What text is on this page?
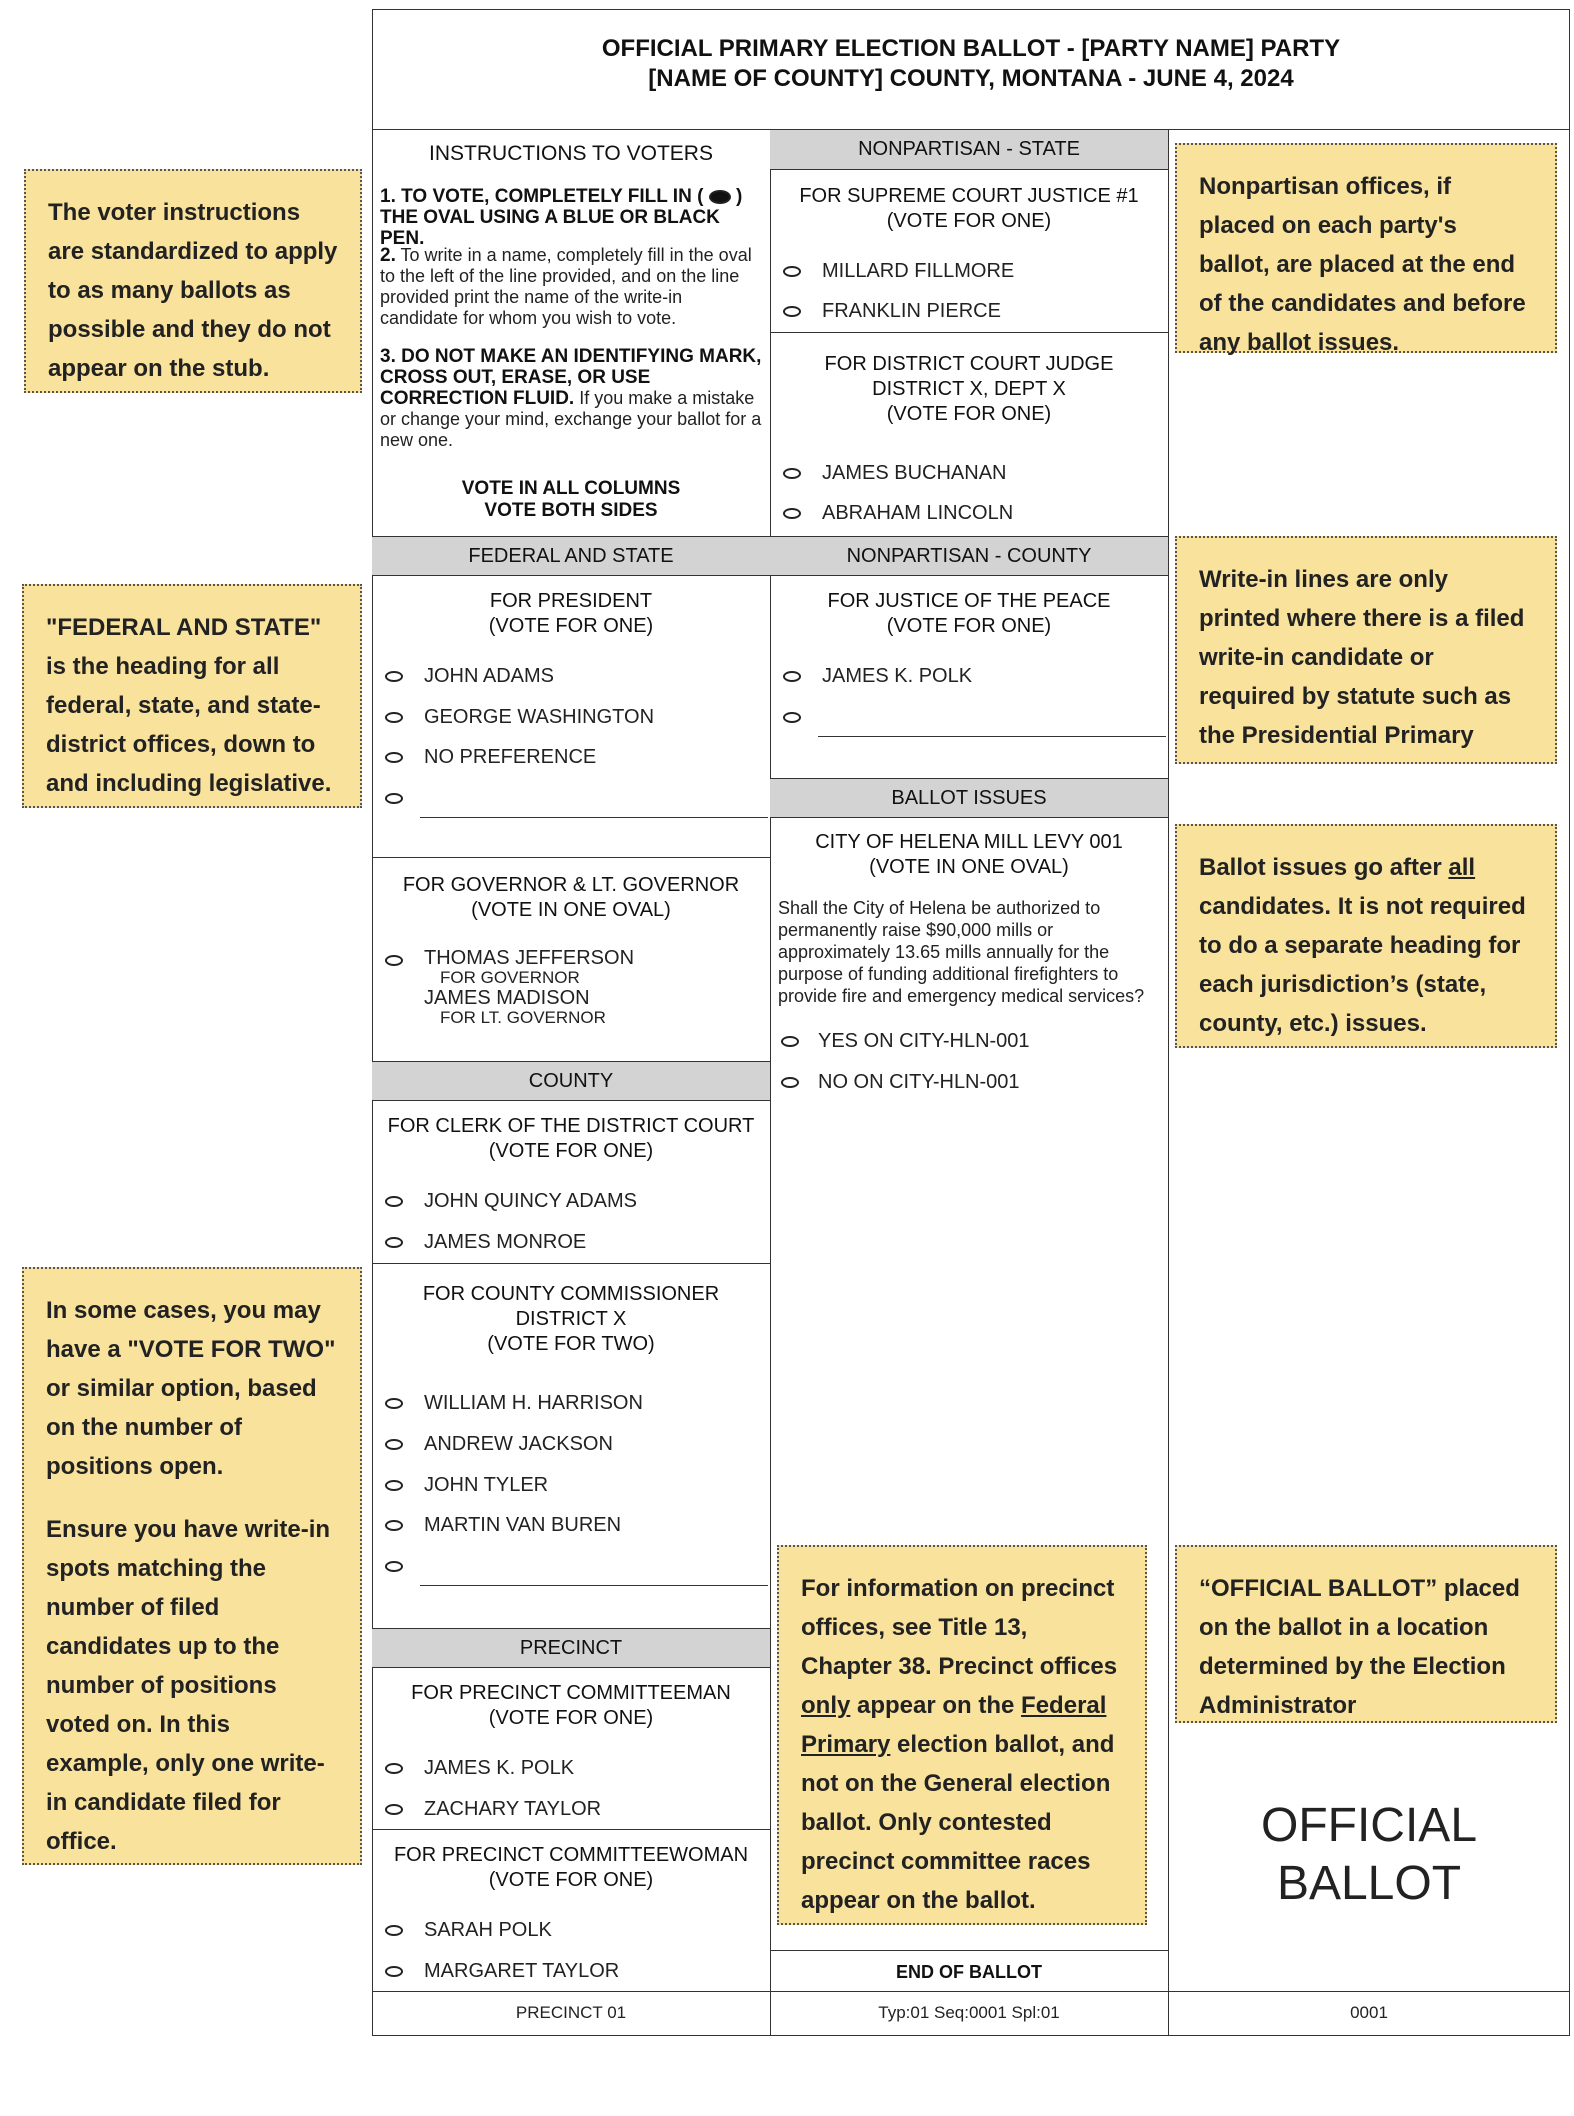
OFFICIAL PRIMARY ELECTION BALLOT - [PARTY NAME] PARTY
[NAME OF COUNTY] COUNTY, MONTANA - JUNE 4, 2024
INSTRUCTIONS TO VOTERS
1. TO VOTE, COMPLETELY FILL IN ( )
THE OVAL USING A BLUE OR BLACK PEN.
2. To write in a name, completely fill in the oval to the left of the line provided, and on the line provided print the name of the write-in candidate for whom you wish to vote.
3. DO NOT MAKE AN IDENTIFYING MARK, CROSS OUT, ERASE, OR USE CORRECTION FLUID. If you make a mistake or change your mind, exchange your ballot for a new one.
VOTE IN ALL COLUMNS
VOTE BOTH SIDES
FEDERAL AND STATE
FOR PRESIDENT
(VOTE FOR ONE)
JOHN ADAMS
GEORGE WASHINGTON
NO PREFERENCE
FOR GOVERNOR & LT. GOVERNOR
(VOTE IN ONE OVAL)
THOMAS JEFFERSON
FOR GOVERNOR
JAMES MADISON
FOR LT. GOVERNOR
COUNTY
FOR CLERK OF THE DISTRICT COURT
(VOTE FOR ONE)
JOHN QUINCY ADAMS
JAMES MONROE
FOR COUNTY COMMISSIONER
DISTRICT X
(VOTE FOR TWO)
WILLIAM H. HARRISON
ANDREW JACKSON
JOHN TYLER
MARTIN VAN BUREN
PRECINCT
FOR PRECINCT COMMITTEEMAN
(VOTE FOR ONE)
JAMES K. POLK
ZACHARY TAYLOR
FOR PRECINCT COMMITTEEWOMAN
(VOTE FOR ONE)
SARAH POLK
MARGARET TAYLOR
NONPARTISAN - STATE
FOR SUPREME COURT JUSTICE #1
(VOTE FOR ONE)
MILLARD FILLMORE
FRANKLIN PIERCE
FOR DISTRICT COURT JUDGE
DISTRICT X, DEPT X
(VOTE FOR ONE)
JAMES BUCHANAN
ABRAHAM LINCOLN
NONPARTISAN - COUNTY
FOR JUSTICE OF THE PEACE
(VOTE FOR ONE)
JAMES K. POLK
BALLOT ISSUES
CITY OF HELENA MILL LEVY 001
(VOTE IN ONE OVAL)
Shall the City of Helena be authorized to permanently raise $90,000 mills or approximately 13.65 mills annually for the purpose of funding additional firefighters to provide fire and emergency medical services?
YES ON CITY-HLN-001
NO ON CITY-HLN-001
END OF BALLOT
PRECINCT 01	Typ:01 Seq:0001 Spl:01	0001
OFFICIAL
BALLOT
The voter instructions are standardized to apply to as many ballots as possible and they do not appear on the stub.
"FEDERAL AND STATE" is the heading for all federal, state, and state-district offices, down to and including legislative.
In some cases, you may have a "VOTE FOR TWO" or similar option, based on the number of positions open.
Ensure you have write-in spots matching the number of filed candidates up to the number of positions voted on. In this example, only one write-in candidate filed for office.
Nonpartisan offices, if placed on each party's ballot, are placed at the end of the candidates and before any ballot issues.
Write-in lines are only printed where there is a filed write-in candidate or required by statute such as the Presidential Primary
Ballot issues go after all candidates. It is not required to do a separate heading for each jurisdiction’s (state, county, etc.) issues.
For information on precinct offices, see Title 13, Chapter 38. Precinct offices only appear on the Federal Primary election ballot, and not on the General election ballot. Only contested precinct committee races appear on the ballot.
“OFFICIAL BALLOT” placed on the ballot in a location determined by the Election Administrator
